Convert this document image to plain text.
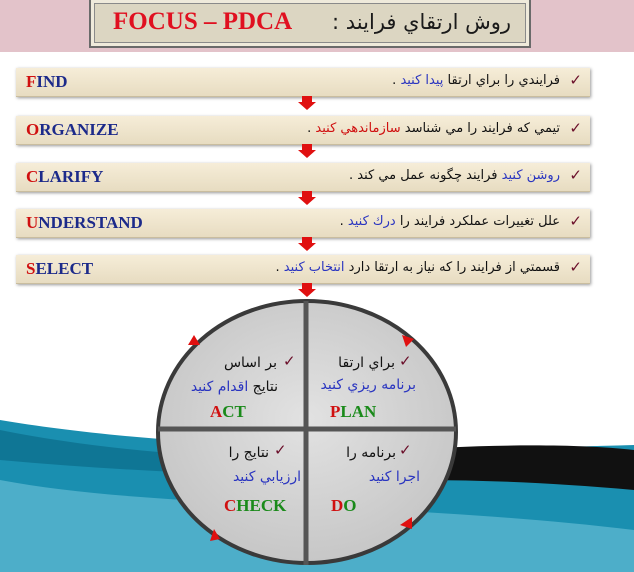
FOCUS – PDCA روش ارتقاي فرايند :
FIND	فرايندي را براي ارتقا پيدا كنيد .	✓
ORGANIZE	تيمي كه فرايند را مي شناسد سازماندهي كنيد .	✓
CLARIFY	روشن كنيد فرايند چگونه عمل مي كند .	✓
UNDERSTAND	علل تغييرات عملكرد فرايند را درك كنيد .	✓
SELECT	قسمتي از فرايند را كه نياز به ارتقا دارد انتخاب كنيد .	✓
✓
براي ارتقا
برنامه ريزي كنيد
PLAN
✓
بر اساس
نتايج اقدام كنيد
ACT
✓
نتايج را
ارزيابي كنيد
CHECK
✓
برنامه را
اجرا كنيد
DO
